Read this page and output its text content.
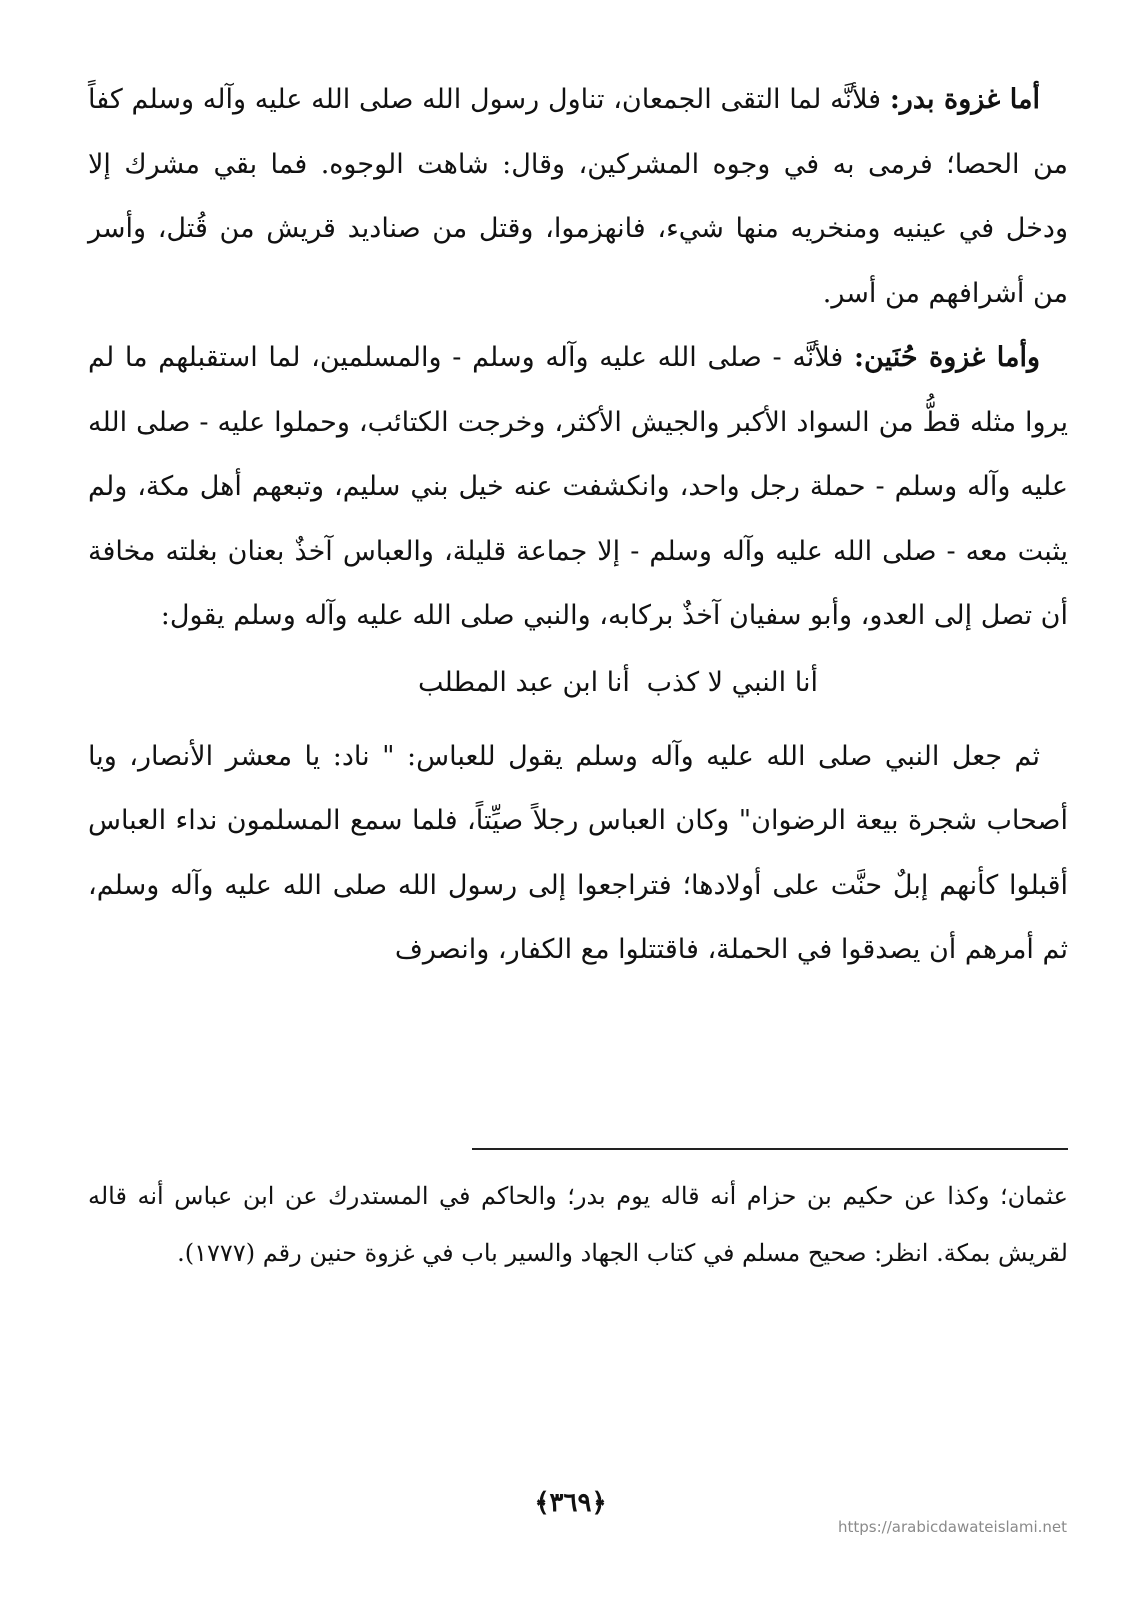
أما غزوة بدر: فلأنَّه لما التقى الجمعان، تناول رسول الله صلى الله عليه وآله وسلم كفاً من الحصا؛ فرمى به في وجوه المشركين، وقال: شاهت الوجوه. فما بقي مشرك إلا ودخل في عينيه ومنخريه منها شيء، فانهزموا، وقتل من صناديد قريش من قُتل، وأسر من أشرافهم من أسر.

وأما غزوة حُنَين: فلأنَّه - صلى الله عليه وآله وسلم - والمسلمين، لما استقبلهم ما لم يروا مثله قطُّ من السواد الأكبر والجيش الأكثر، وخرجت الكتائب، وحملوا عليه - صلى الله عليه وآله وسلم - حملة رجل واحد، وانكشفت عنه خيل بني سليم، وتبعهم أهل مكة، ولم يثبت معه - صلى الله عليه وآله وسلم - إلا جماعة قليلة، والعباس آخذٌ بعنان بغلته مخافة أن تصل إلى العدو، وأبو سفيان آخذٌ بركابه، والنبي صلى الله عليه وآله وسلم يقول:

أنا النبي لا كذب
أنا ابن عبد المطلب

ثم جعل النبي صلى الله عليه وآله وسلم يقول للعباس: " ناد: يا معشر الأنصار، ويا أصحاب شجرة بيعة الرضوان" وكان العباس رجلاً صيِّتاً، فلما سمع المسلمون نداء العباس أقبلوا كأنهم إبلٌ حنَّت على أولادها؛ فتراجعوا إلى رسول الله صلى الله عليه وآله وسلم، ثم أمرهم أن يصدقوا في الحملة، فاقتتلوا مع الكفار، وانصرف

عثمان؛ وكذا عن حكيم بن حزام أنه قاله يوم بدر؛ والحاكم في المستدرك عن ابن عباس أنه قاله لقريش بمكة. انظر: صحيح مسلم في كتاب الجهاد والسير باب في غزوة حنين رقم (١٧٧٧).

﴿٣٦٩﴾
https://arabicdawateislami.net
